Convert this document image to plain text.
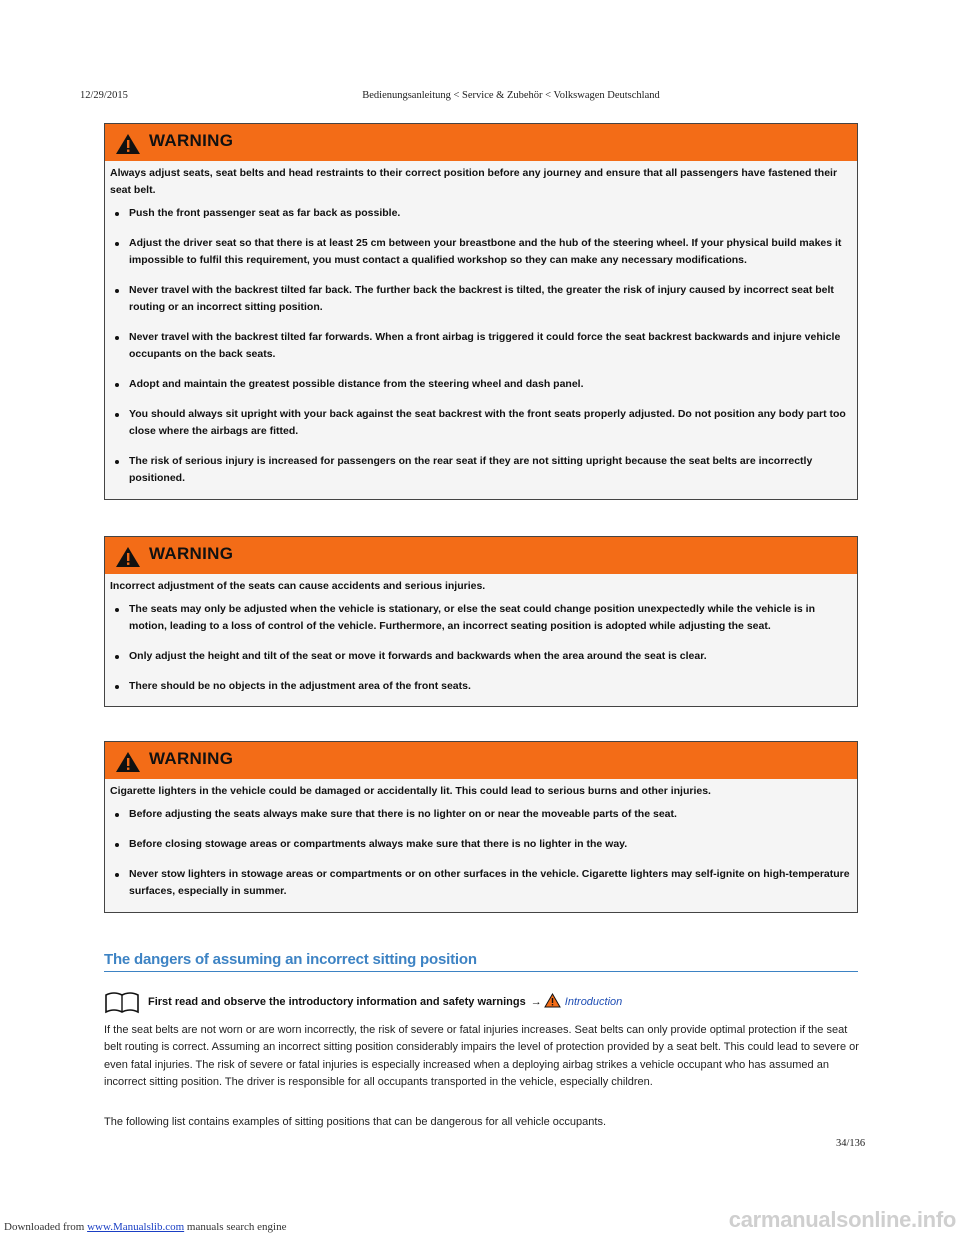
12/29/2015	Bedienungsanleitung < Service & Zubehör < Volkswagen Deutschland
WARNING
Always adjust seats, seat belts and head restraints to their correct position before any journey and ensure that all passengers have fastened their seat belt.
Push the front passenger seat as far back as possible.
Adjust the driver seat so that there is at least 25 cm between your breastbone and the hub of the steering wheel. If your physical build makes it impossible to fulfil this requirement, you must contact a qualified workshop so they can make any necessary modifications.
Never travel with the backrest tilted far back. The further back the backrest is tilted, the greater the risk of injury caused by incorrect seat belt routing or an incorrect sitting position.
Never travel with the backrest tilted far forwards. When a front airbag is triggered it could force the seat backrest backwards and injure vehicle occupants on the back seats.
Adopt and maintain the greatest possible distance from the steering wheel and dash panel.
You should always sit upright with your back against the seat backrest with the front seats properly adjusted. Do not position any body part too close where the airbags are fitted.
The risk of serious injury is increased for passengers on the rear seat if they are not sitting upright because the seat belts are incorrectly positioned.
WARNING
Incorrect adjustment of the seats can cause accidents and serious injuries.
The seats may only be adjusted when the vehicle is stationary, or else the seat could change position unexpectedly while the vehicle is in motion, leading to a loss of control of the vehicle. Furthermore, an incorrect seating position is adopted while adjusting the seat.
Only adjust the height and tilt of the seat or move it forwards and backwards when the area around the seat is clear.
There should be no objects in the adjustment area of the front seats.
WARNING
Cigarette lighters in the vehicle could be damaged or accidentally lit. This could lead to serious burns and other injuries.
Before adjusting the seats always make sure that there is no lighter on or near the moveable parts of the seat.
Before closing stowage areas or compartments always make sure that there is no lighter in the way.
Never stow lighters in stowage areas or compartments or on other surfaces in the vehicle. Cigarette lighters may self-ignite on high-temperature surfaces, especially in summer.
The dangers of assuming an incorrect sitting position
First read and observe the introductory information and safety warnings → Introduction
If the seat belts are not worn or are worn incorrectly, the risk of severe or fatal injuries increases. Seat belts can only provide optimal protection if the seat belt routing is correct. Assuming an incorrect sitting position considerably impairs the level of protection provided by a seat belt. This could lead to severe or even fatal injuries. The risk of severe or fatal injuries is especially increased when a deploying airbag strikes a vehicle occupant who has assumed an incorrect sitting position. The driver is responsible for all occupants transported in the vehicle, especially children.
The following list contains examples of sitting positions that can be dangerous for all vehicle occupants.
34/136
Downloaded from www.Manualslib.com manuals search engine	carmanualsonline.info
